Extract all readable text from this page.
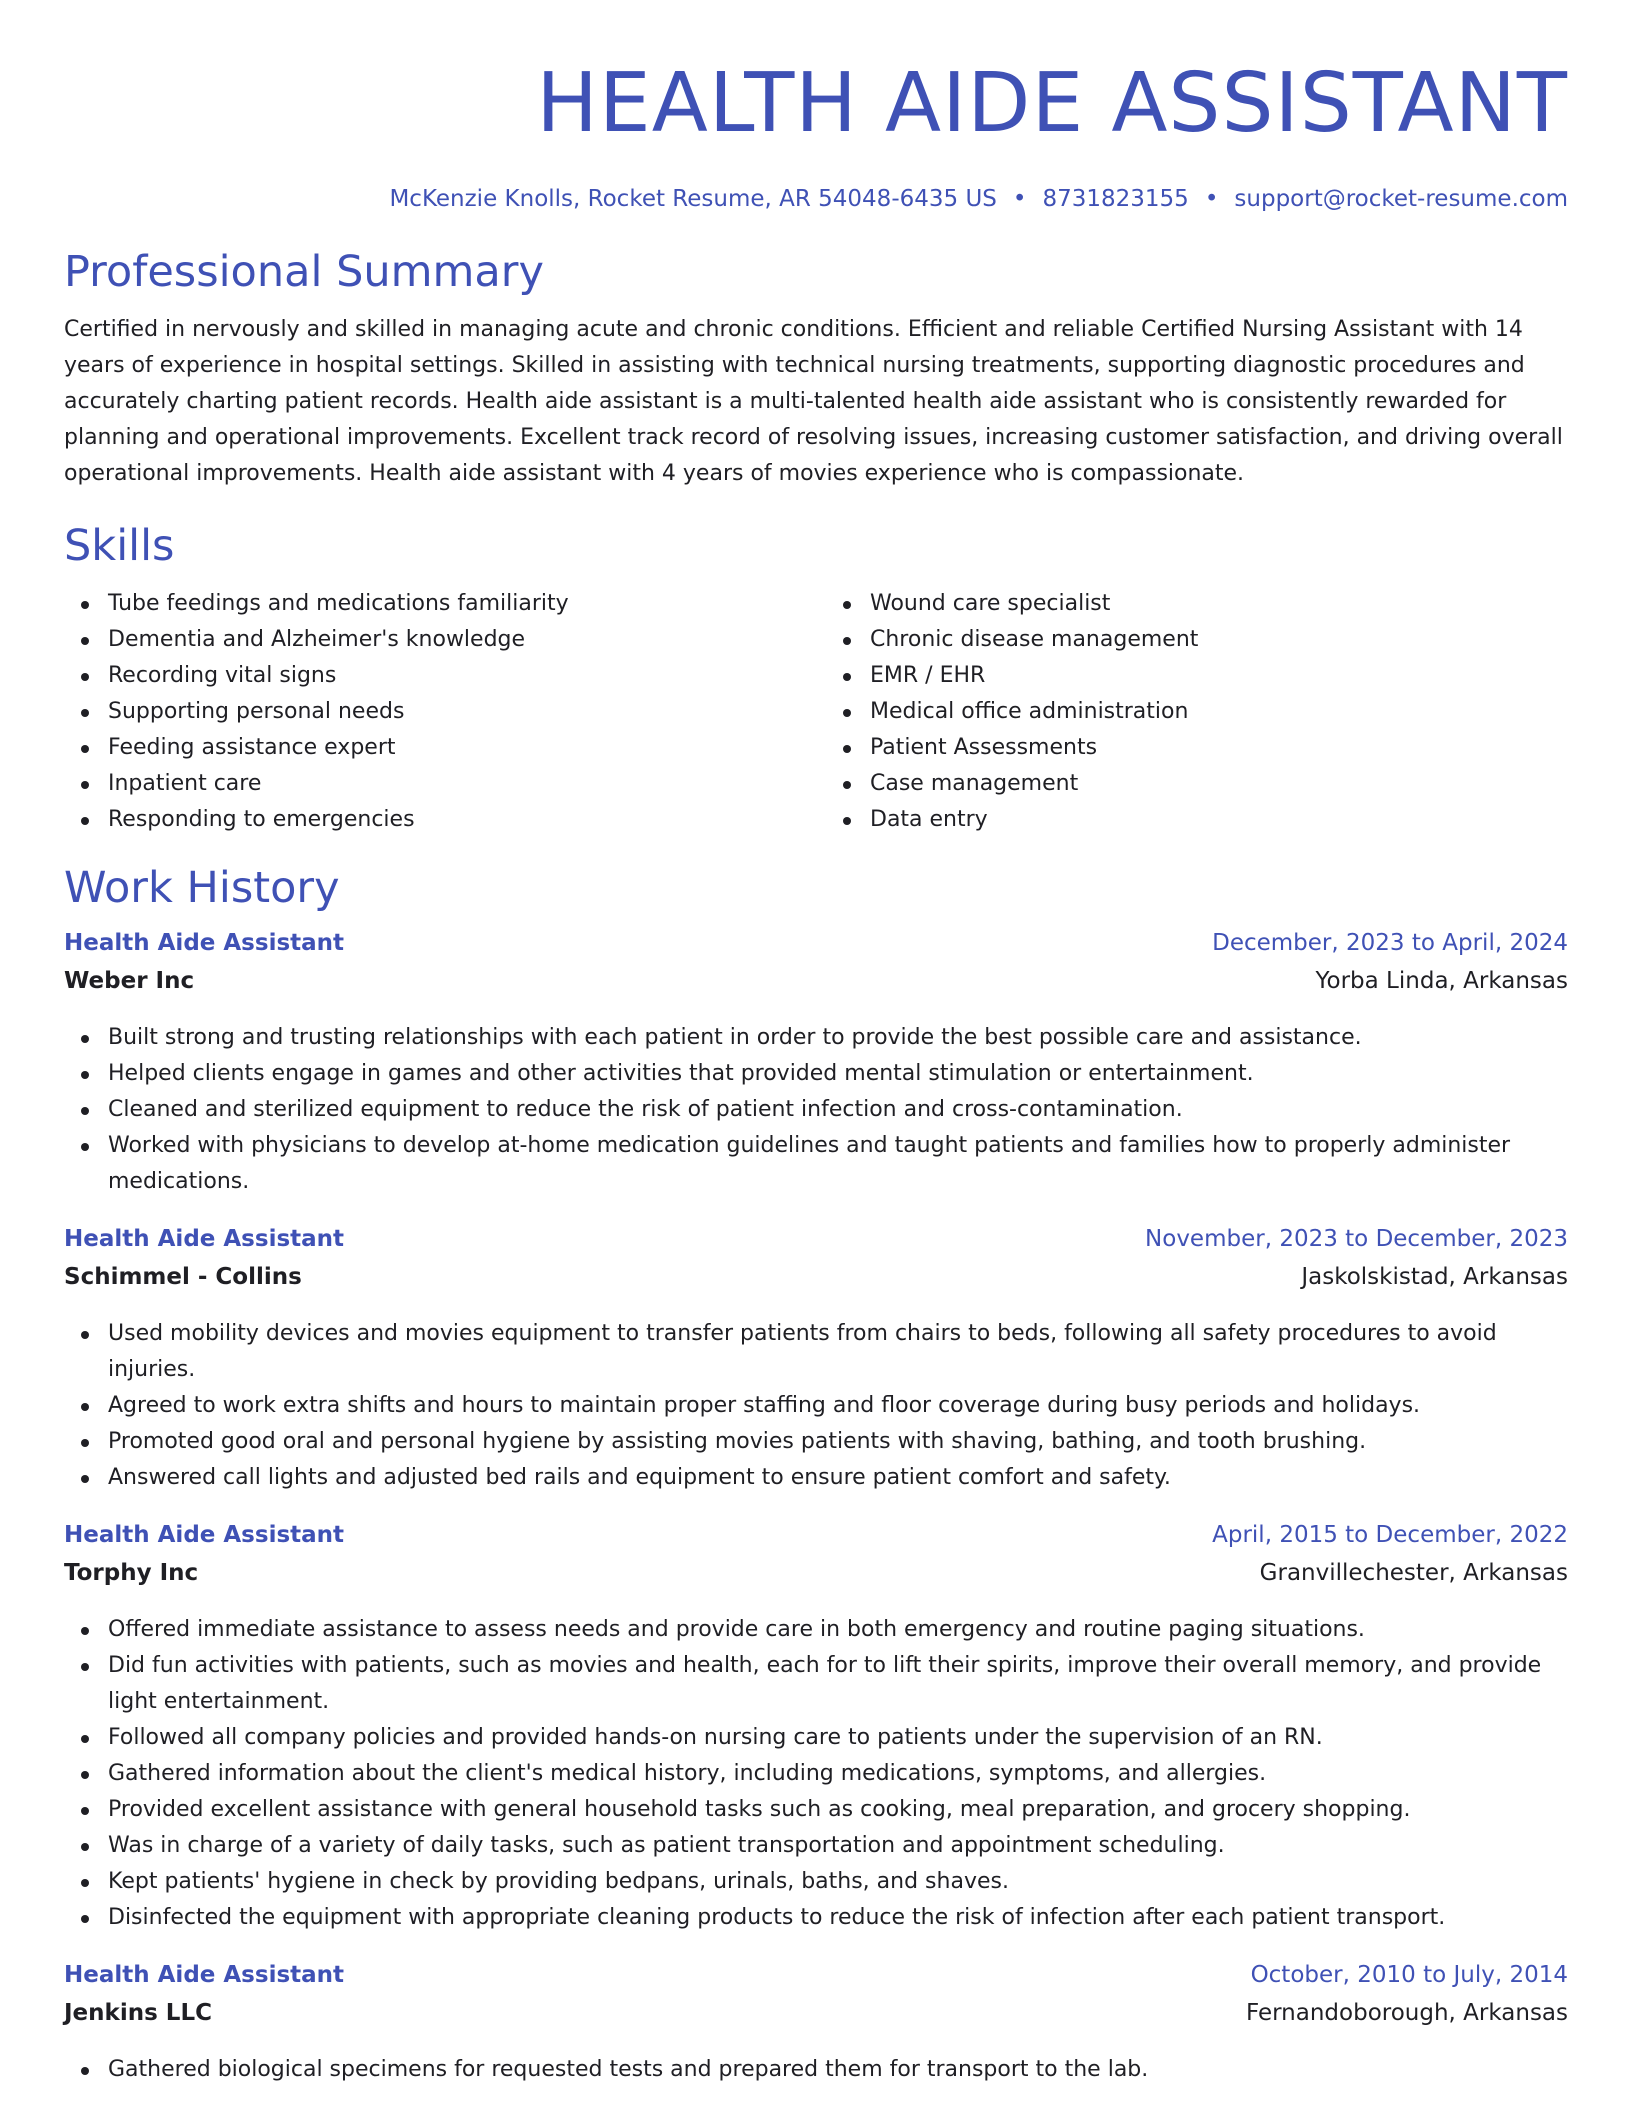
HEALTH AIDE ASSISTANT
McKenzie Knolls, Rocket Resume, AR 54048-6435 US • 8731823155 • support@rocket-resume.com
Professional Summary
Certified in nervously and skilled in managing acute and chronic conditions. Efficient and reliable Certified Nursing Assistant with 14 years of experience in hospital settings. Skilled in assisting with technical nursing treatments, supporting diagnostic procedures and accurately charting patient records. Health aide assistant is a multi-talented health aide assistant who is consistently rewarded for planning and operational improvements. Excellent track record of resolving issues, increasing customer satisfaction, and driving overall operational improvements. Health aide assistant with 4 years of movies experience who is compassionate.
Skills
Tube feedings and medications familiarity
Dementia and Alzheimer's knowledge
Recording vital signs
Supporting personal needs
Feeding assistance expert
Inpatient care
Responding to emergencies
Wound care specialist
Chronic disease management
EMR / EHR
Medical office administration
Patient Assessments
Case management
Data entry
Work History
Health Aide Assistant	December, 2023 to April, 2024
Weber Inc	Yorba Linda, Arkansas
Built strong and trusting relationships with each patient in order to provide the best possible care and assistance.
Helped clients engage in games and other activities that provided mental stimulation or entertainment.
Cleaned and sterilized equipment to reduce the risk of patient infection and cross-contamination.
Worked with physicians to develop at-home medication guidelines and taught patients and families how to properly administer medications.
Health Aide Assistant	November, 2023 to December, 2023
Schimmel - Collins	Jaskolskistad, Arkansas
Used mobility devices and movies equipment to transfer patients from chairs to beds, following all safety procedures to avoid injuries.
Agreed to work extra shifts and hours to maintain proper staffing and floor coverage during busy periods and holidays.
Promoted good oral and personal hygiene by assisting movies patients with shaving, bathing, and tooth brushing.
Answered call lights and adjusted bed rails and equipment to ensure patient comfort and safety.
Health Aide Assistant	April, 2015 to December, 2022
Torphy Inc	Granvillechester, Arkansas
Offered immediate assistance to assess needs and provide care in both emergency and routine paging situations.
Did fun activities with patients, such as movies and health, each for to lift their spirits, improve their overall memory, and provide light entertainment.
Followed all company policies and provided hands-on nursing care to patients under the supervision of an RN.
Gathered information about the client's medical history, including medications, symptoms, and allergies.
Provided excellent assistance with general household tasks such as cooking, meal preparation, and grocery shopping.
Was in charge of a variety of daily tasks, such as patient transportation and appointment scheduling.
Kept patients' hygiene in check by providing bedpans, urinals, baths, and shaves.
Disinfected the equipment with appropriate cleaning products to reduce the risk of infection after each patient transport.
Health Aide Assistant	October, 2010 to July, 2014
Jenkins LLC	Fernandoborough, Arkansas
Gathered biological specimens for requested tests and prepared them for transport to the lab.
